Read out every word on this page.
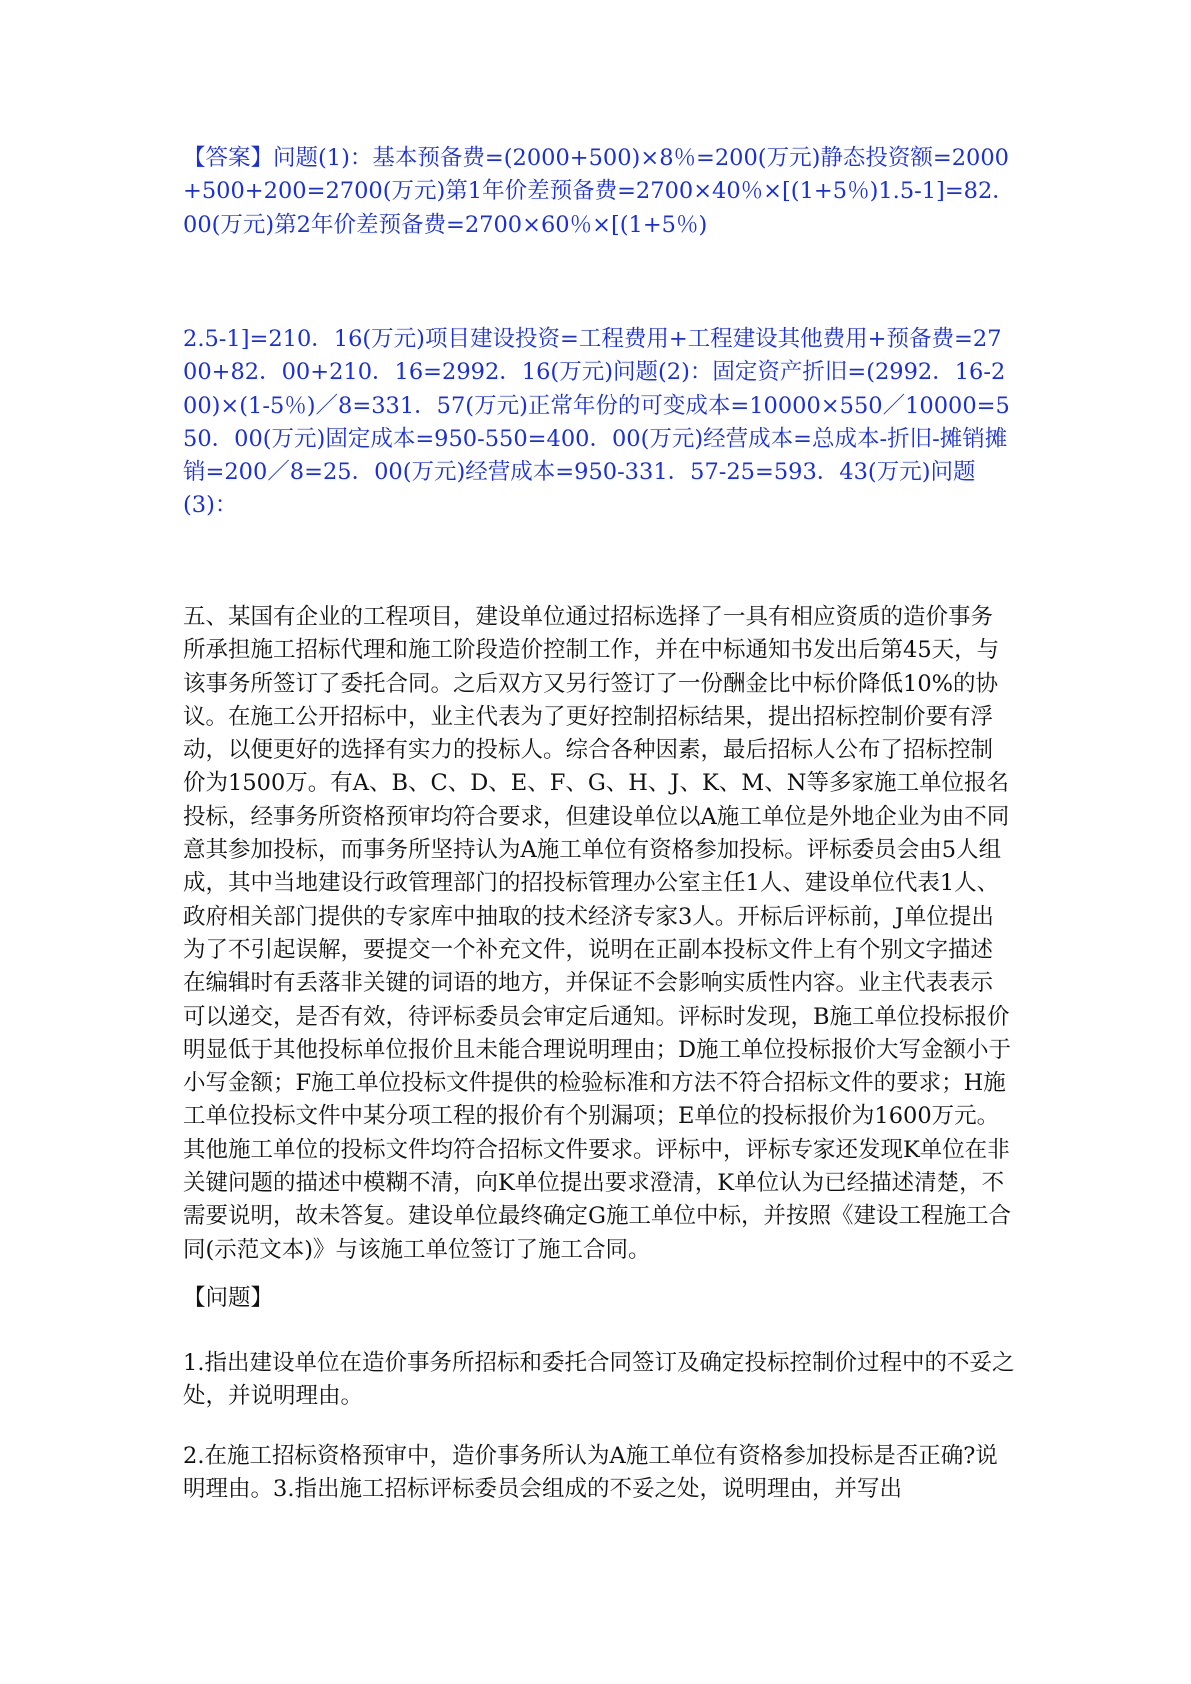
【答案】问题(1)：基本预备费=(2000+500)×8％=200(万元)静态投资额=2000+500+200=2700(万元)第1年价差预备费=2700×40％×[(1+5％)1.5-1]=82．00(万元)第2年价差预备费=2700×60％×[(1+5％)

2.5-1]=210．16(万元)项目建设投资=工程费用+工程建设其他费用+预备费=2700+82．00+210．16=2992．16(万元)问题(2)：固定资产折旧=(2992．16-200)×(1-5％)／8=331．57(万元)正常年份的可变成本=10000×550／10000=550．00(万元)固定成本=950-550=400．00(万元)经营成本=总成本-折旧-摊销摊销=200／8=25．00(万元)经营成本=950-331．57-25=593．43(万元)问题(3)：

五、某国有企业的工程项目，建设单位通过招标选择了一具有相应资质的造价事务所承担施工招标代理和施工阶段造价控制工作，并在中标通知书发出后第45天，与该事务所签订了委托合同。之后双方又另行签订了一份酬金比中标价降低10%的协议。在施工公开招标中，业主代表为了更好控制招标结果，提出招标控制价要有浮动，以便更好的选择有实力的投标人。综合各种因素，最后招标人公布了招标控制价为1500万。有A、B、C、D、E、F、G、H、J、K、M、N等多家施工单位报名投标，经事务所资格预审均符合要求，但建设单位以A施工单位是外地企业为由不同意其参加投标，而事务所坚持认为A施工单位有资格参加投标。评标委员会由5人组成，其中当地建设行政管理部门的招投标管理办公室主任1人、建设单位代表1人、政府相关部门提供的专家库中抽取的技术经济专家3人。开标后评标前，J单位提出为了不引起误解，要提交一个补充文件，说明在正副本投标文件上有个别文字描述在编辑时有丢落非关键的词语的地方，并保证不会影响实质性内容。业主代表表示可以递交，是否有效，待评标委员会审定后通知。评标时发现，B施工单位投标报价明显低于其他投标单位报价且未能合理说明理由；D施工单位投标报价大写金额小于小写金额；F施工单位投标文件提供的检验标准和方法不符合招标文件的要求；H施工单位投标文件中某分项工程的报价有个别漏项；E单位的投标报价为1600万元。其他施工单位的投标文件均符合招标文件要求。评标中，评标专家还发现K单位在非关键问题的描述中模糊不清，向K单位提出要求澄清，K单位认为已经描述清楚，不需要说明，故未答复。建设单位最终确定G施工单位中标，并按照《建设工程施工合同(示范文本)》与该施工单位签订了施工合同。

【问题】

1.指出建设单位在造价事务所招标和委托合同签订及确定投标控制价过程中的不妥之处，并说明理由。

2.在施工招标资格预审中，造价事务所认为A施工单位有资格参加投标是否正确?说明理由。3.指出施工招标评标委员会组成的不妥之处，说明理由，并写出
